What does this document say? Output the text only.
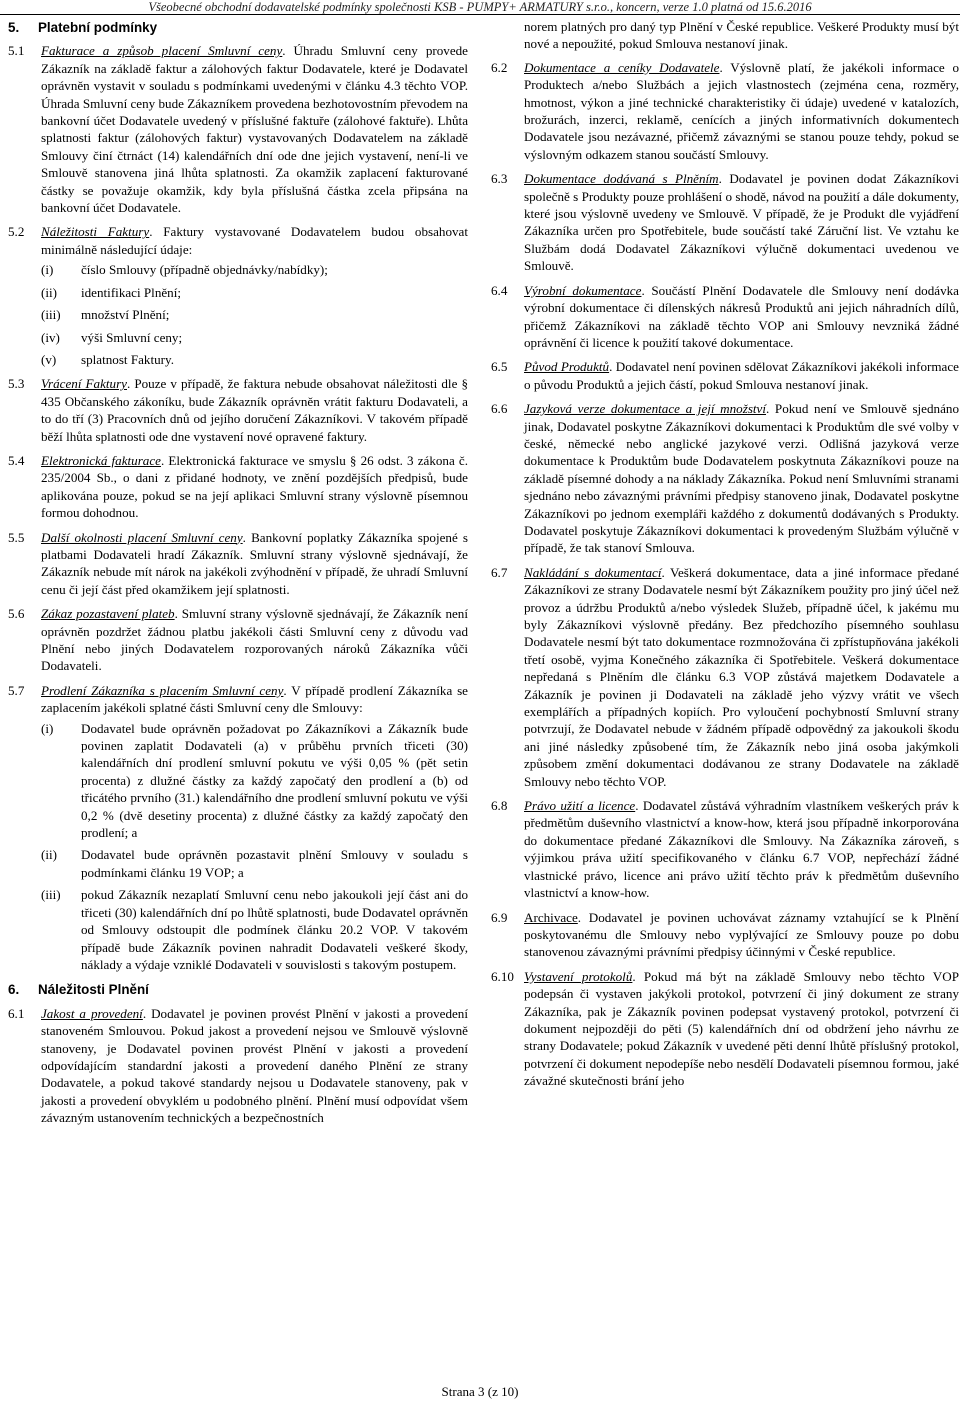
Všeobecné obchodní dodavatelské podmínky společnosti KSB - PUMPY+ ARMATURY s.r.o., koncern, verze 1.0 platná od 15.6.2016
5.	Platební podmínky
5.1	Fakturace a způsob placení Smluvní ceny. Úhradu Smluvní ceny provede Zákazník na základě faktur a zálohových faktur Dodavatele, které je Dodavatel oprávněn vystavit v souladu s podmínkami uvedenými v článku 4.3 těchto VOP. Úhrada Smluvní ceny bude Zákazníkem provedena bezhotovostním převodem na bankovní účet Dodavatele uvedený v příslušné faktuře (zálohové faktuře). Lhůta splatnosti faktur (zálohových faktur) vystavovaných Dodavatelem na základě Smlouvy činí čtrnáct (14) kalendářních dní ode dne jejich vystavení, není-li ve Smlouvě stanovena jiná lhůta splatnosti. Za okamžik zaplacení fakturované částky se považuje okamžik, kdy byla příslušná částka zcela připsána na bankovní účet Dodavatele.
5.2	Náležitosti Faktury. Faktury vystavované Dodavatelem budou obsahovat minimálně následující údaje:
(i)	číslo Smlouvy (případně objednávky/nabídky);
(ii)	identifikaci Plnění;
(iii)	množství Plnění;
(iv)	výši Smluvní ceny;
(v)	splatnost Faktury.
5.3	Vrácení Faktury. Pouze v případě, že faktura nebude obsahovat náležitosti dle § 435 Občanského zákoníku, bude Zákazník oprávněn vrátit fakturu Dodavateli, a to do tří (3) Pracovních dnů od jejího doručení Zákazníkovi. V takovém případě běží lhůta splatnosti ode dne vystavení nové opravené faktury.
5.4	Elektronická fakturace. Elektronická fakturace ve smyslu § 26 odst. 3 zákona č. 235/2004 Sb., o dani z přidané hodnoty, ve znění pozdějších předpisů, bude aplikována pouze, pokud se na její aplikaci Smluvní strany výslovně písemnou formou dohodnou.
5.5	Další okolnosti placení Smluvní ceny. Bankovní poplatky Zákazníka spojené s platbami Dodavateli hradí Zákazník. Smluvní strany výslovně sjednávají, že Zákazník nebude mít nárok na jakékoli zvýhodnění v případě, že uhradí Smluvní cenu či její část před okamžikem její splatnosti.
5.6	Zákaz pozastavení plateb. Smluvní strany výslovně sjednávají, že Zákazník není oprávněn pozdržet žádnou platbu jakékoli části Smluvní ceny z důvodu vad Plnění nebo jiných Dodavatelem rozporovaných nároků Zákazníka vůči Dodavateli.
5.7	Prodlení Zákazníka s placením Smluvní ceny. V případě prodlení Zákazníka se zaplacením jakékoli splatné části Smluvní ceny dle Smlouvy:
(i)	Dodavatel bude oprávněn požadovat po Zákazníkovi a Zákazník bude povinen zaplatit Dodavateli (a) v průběhu prvních třiceti (30) kalendářních dní prodlení smluvní pokutu ve výši 0,05 % (pět setin procenta) z dlužné částky za každý započatý den prodlení a (b) od třicátého prvního (31.) kalendářního dne prodlení smluvní pokutu ve výši 0,2 % (dvě desetiny procenta) z dlužné částky za každý započatý den prodlení; a
(ii)	Dodavatel bude oprávněn pozastavit plnění Smlouvy v souladu s podmínkami článku 19 VOP; a
(iii)	pokud Zákazník nezaplatí Smluvní cenu nebo jakoukoli její část ani do třiceti (30) kalendářních dní po lhůtě splatnosti, bude Dodavatel oprávněn od Smlouvy odstoupit dle podmínek článku 20.2 VOP. V takovém případě bude Zákazník povinen nahradit Dodavateli veškeré škody, náklady a výdaje vzniklé Dodavateli v souvislosti s takovým postupem.
6.	Náležitosti Plnění
6.1	Jakost a provedení. Dodavatel je povinen provést Plnění v jakosti a provedení stanoveném Smlouvou. Pokud jakost a provedení nejsou ve Smlouvě výslovně stanoveny, je Dodavatel povinen provést Plnění v jakosti a provedení odpovídajícím standardní jakosti a provedení daného Plnění ze strany Dodavatele, a pokud takové standardy nejsou u Dodavatele stanoveny, pak v jakosti a provedení obvyklém u podobného plnění. Plnění musí odpovídat všem závazným ustanovením technických a bezpečnostních
norem platných pro daný typ Plnění v České republice. Veškeré Produkty musí být nové a nepoužité, pokud Smlouva nestanoví jinak.
6.2	Dokumentace a ceníky Dodavatele. Výslovně platí, že jakékoli informace o Produktech a/nebo Službách a jejich vlastnostech (zejména cena, rozměry, hmotnost, výkon a jiné technické charakteristiky či údaje) uvedené v katalozích, brožurách, inzerci, reklamě, cenících a jiných informativních dokumentech Dodavatele jsou nezávazné, přičemž závaznými se stanou pouze tehdy, pokud se výslovným odkazem stanou součástí Smlouvy.
6.3	Dokumentace dodávaná s Plněním. Dodavatel je povinen dodat Zákazníkovi společně s Produkty pouze prohlášení o shodě, návod na použití a dále dokumenty, které jsou výslovně uvedeny ve Smlouvě. V případě, že je Produkt dle vyjádření Zákazníka určen pro Spotřebitele, bude součástí také Záruční list. Ve vztahu ke Službám dodá Dodavatel Zákazníkovi výlučně dokumentaci uvedenou ve Smlouvě.
6.4	Výrobní dokumentace. Součástí Plnění Dodavatele dle Smlouvy není dodávka výrobní dokumentace či dílenských nákresů Produktů ani jejich náhradních dílů, přičemž Zákazníkovi na základě těchto VOP ani Smlouvy nevzniká žádné oprávnění či licence k použití takové dokumentace.
6.5	Původ Produktů. Dodavatel není povinen sdělovat Zákazníkovi jakékoli informace o původu Produktů a jejich částí, pokud Smlouva nestanoví jinak.
6.6	Jazyková verze dokumentace a její množství. Pokud není ve Smlouvě sjednáno jinak, Dodavatel poskytne Zákazníkovi dokumentaci k Produktům dle své volby v české, německé nebo anglické jazykové verzi. Odlišná jazyková verze dokumentace k Produktům bude Dodavatelem poskytnuta Zákazníkovi pouze na základě písemné dohody a na náklady Zákazníka. Pokud není Smluvními stranami sjednáno nebo závaznými právními předpisy stanoveno jinak, Dodavatel poskytne Zákazníkovi po jednom exempláři každého z dokumentů dodávaných s Produkty. Dodavatel poskytuje Zákazníkovi dokumentaci k provedeným Službám výlučně v případě, že tak stanoví Smlouva.
6.7	Nakládání s dokumentací. Veškerá dokumentace, data a jiné informace předané Zákazníkovi ze strany Dodavatele nesmí být Zákazníkem použity pro jiný účel než provoz a údržbu Produktů a/nebo výsledek Služeb, případně účel, k jakému mu byly Zákazníkovi výslovně předány. Bez předchozího písemného souhlasu Dodavatele nesmí být tato dokumentace rozmnožována či zpřístupňována jakékoli třetí osobě, vyjma Konečného zákazníka či Spotřebitele. Veškerá dokumentace nepředaná s Plněním dle článku 6.3 VOP zůstává majetkem Dodavatele a Zákazník je povinen ji Dodavateli na základě jeho výzvy vrátit ve všech exemplářích a případných kopiích. Pro vyloučení pochybností Smluvní strany potvrzují, že Dodavatel nebude v žádném případě odpovědný za jakoukoli škodu ani jiné následky způsobené tím, že Zákazník nebo jiná osoba jakýmkoli způsobem změní dokumentaci dodávanou ze strany Dodavatele na základě Smlouvy nebo těchto VOP.
6.8	Právo užití a licence. Dodavatel zůstává výhradním vlastníkem veškerých práv k předmětům duševního vlastnictví a know-how, která jsou případně inkorporována do dokumentace předané Zákazníkovi dle Smlouvy. Na Zákazníka zároveň, s výjimkou práva užití specifikovaného v článku 6.7 VOP, nepřechází žádné vlastnické právo, licence ani právo užití těchto práv k předmětům duševního vlastnictví a know-how.
6.9	Archivace. Dodavatel je povinen uchovávat záznamy vztahující se k Plnění poskytovanému dle Smlouvy nebo vyplývající ze Smlouvy pouze po dobu stanovenou závaznými právními předpisy účinnými v České republice.
6.10 Vystavení protokolů. Pokud má být na základě Smlouvy nebo těchto VOP podepsán či vystaven jakýkoli protokol, potvrzení či jiný dokument ze strany Zákazníka, pak je Zákazník povinen podepsat vystavený protokol, potvrzení či dokument nejpozději do pěti (5) kalendářních dní od obdržení jeho návrhu ze strany Dodavatele; pokud Zákazník v uvedené pěti denní lhůtě příslušný protokol, potvrzení či dokument nepodepíše nebo nesdělí Dodavateli písemnou formou, jaké závažné skutečnosti brání jeho
Strana 3 (z 10)
